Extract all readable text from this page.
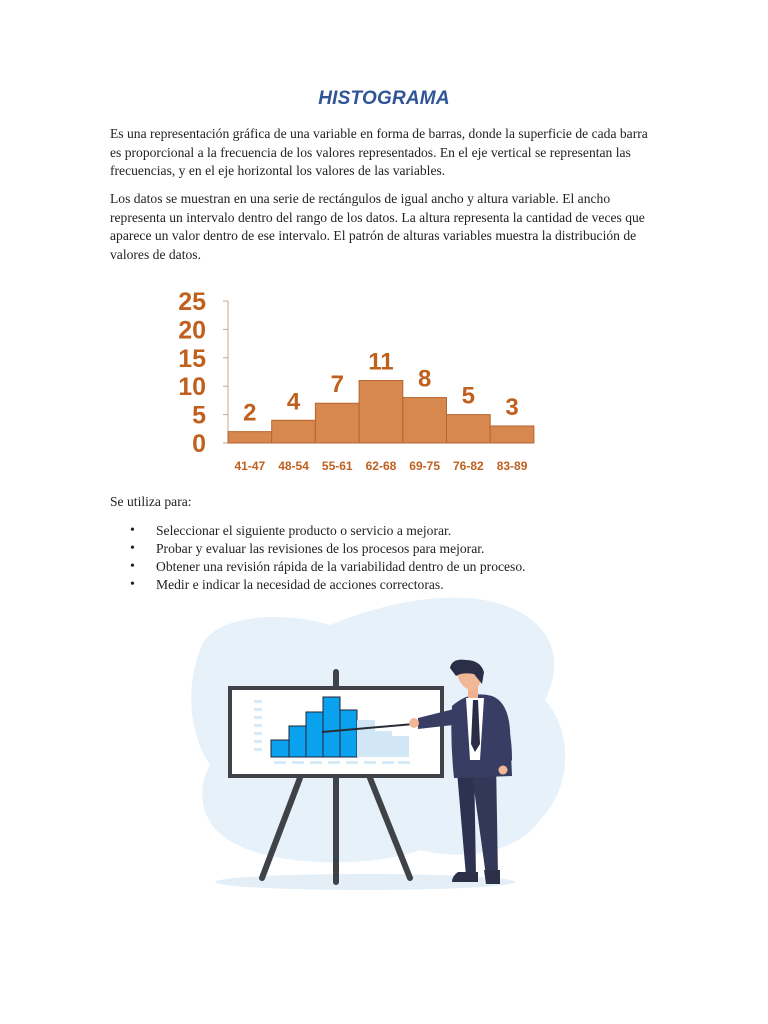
HISTOGRAMA

Es una representación gráfica de una variable en forma de barras, donde la superficie de cada barra es proporcional a la frecuencia de los valores representados. En el eje vertical se representan las frecuencias, y en el eje horizontal los valores de las variables.

Los datos se muestran en una serie de rectángulos de igual ancho y altura variable. El ancho representa un intervalo dentro del rango de los datos. La altura representa la cantidad de veces que aparece un valor dentro de ese intervalo. El patrón de alturas variables muestra la distribución de valores de datos.

0
5
10
15
20
25
2 4
7
11
8
5 3
41-47 48-54 55-61 62-68 69-75 76-82 83-89
Se utiliza para:
• Seleccionar el siguiente producto o servicio a mejorar.
• Probar y evaluar las revisiones de los procesos para mejorar.
• Obtener una revisión rápida de la variabilidad dentro de un proceso.
• Medir e indicar la necesidad de acciones correctoras.
